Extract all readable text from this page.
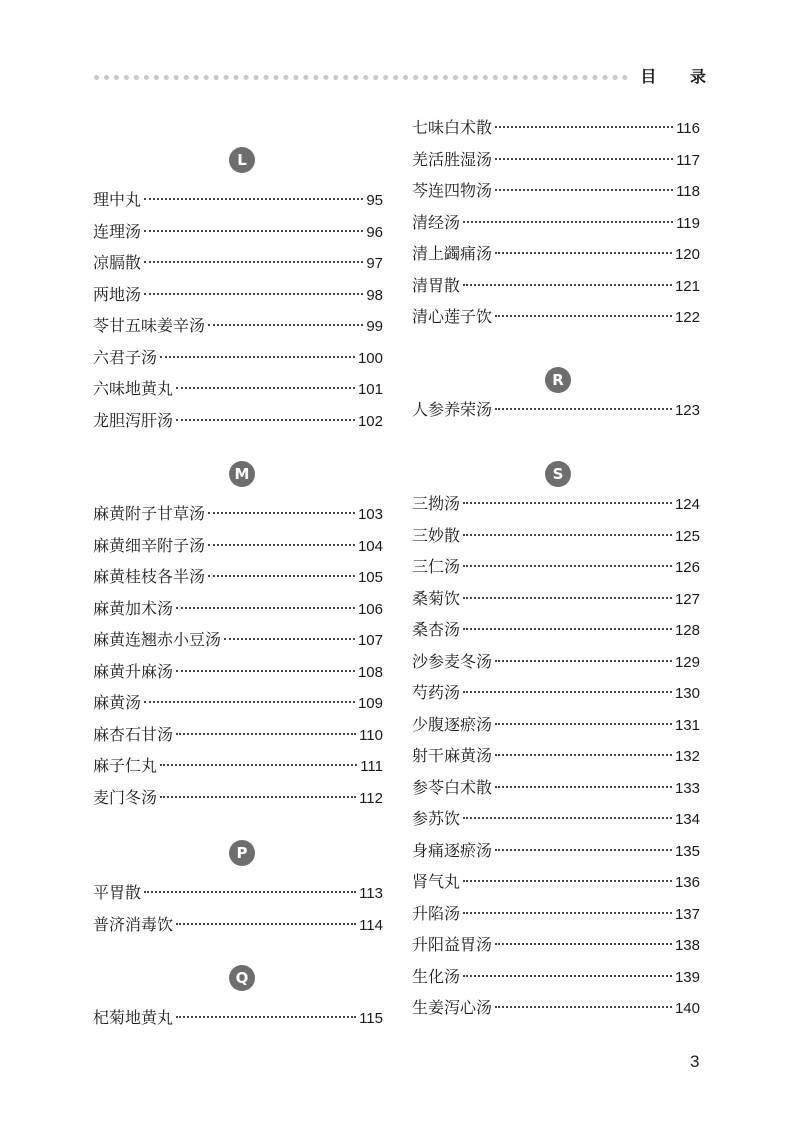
目 录
L
理中丸	95
连理汤	96
凉膈散	97
两地汤	98
苓甘五味姜辛汤	99
六君子汤	100
六味地黄丸	101
龙胆泻肝汤	102
M
麻黄附子甘草汤	103
麻黄细辛附子汤	104
麻黄桂枝各半汤	105
麻黄加术汤	106
麻黄连翘赤小豆汤	107
麻黄升麻汤	108
麻黄汤	109
麻杏石甘汤	110
麻子仁丸	111
麦门冬汤	112
P
平胃散	113
普济消毒饮	114
Q
杞菊地黄丸	115
七味白术散	116
羌活胜湿汤	117
芩连四物汤	118
清经汤	119
清上蠲痛汤	120
清胃散	121
清心莲子饮	122
R
人参养荣汤	123
S
三拗汤	124
三妙散	125
三仁汤	126
桑菊饮	127
桑杏汤	128
沙参麦冬汤	129
芍药汤	130
少腹逐瘀汤	131
射干麻黄汤	132
参苓白术散	133
参苏饮	134
身痛逐瘀汤	135
肾气丸	136
升陷汤	137
升阳益胃汤	138
生化汤	139
生姜泻心汤	140
3
